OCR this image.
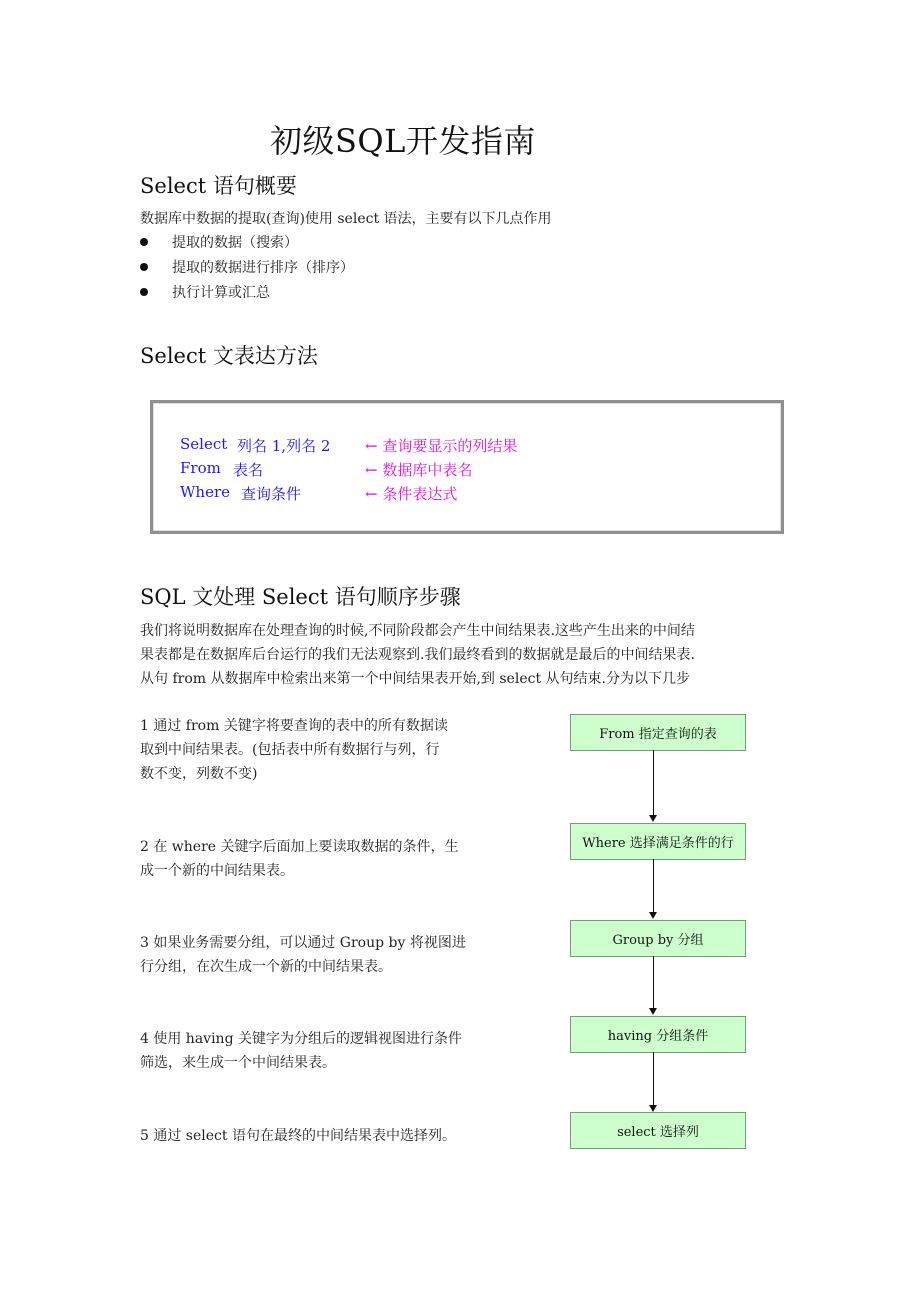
初级SQL开发指南
Select 语句概要
数据库中数据的提取(查询)使用 select 语法，主要有以下几点作用
提取的数据（搜索）
提取的数据进行排序（排序）
执行计算或汇总
Select 文表达方法
Select 列名 1,列名 2 ← 查询要显示的列结果
From 表名	← 数据库中表名
Where 查询条件	← 条件表达式
SQL 文处理 Select 语句顺序步骤
我们将说明数据库在处理查询的时候,不同阶段都会产生中间结果表.这些产生出来的中间结
果表都是在数据库后台运行的我们无法观察到.我们最终看到的数据就是最后的中间结果表.
从句 from 从数据库中检索出来第一个中间结果表开始,到 select 从句结束.分为以下几步
1 通过 from 关键字将要查询的表中的所有数据读
取到中间结果表。(包括表中所有数据行与列，行
数不变，列数不变)
2 在 where 关键字后面加上要读取数据的条件，生
成一个新的中间结果表。
3 如果业务需要分组，可以通过 Group by 将视图进
行分组，在次生成一个新的中间结果表。
4 使用 having 关键字为分组后的逻辑视图进行条件
筛选，来生成一个中间结果表。
5 通过 select 语句在最终的中间结果表中选择列。
From 指定查询的表
Where 选择满足条件的行
Group by 分组
having 分组条件
select 选择列
